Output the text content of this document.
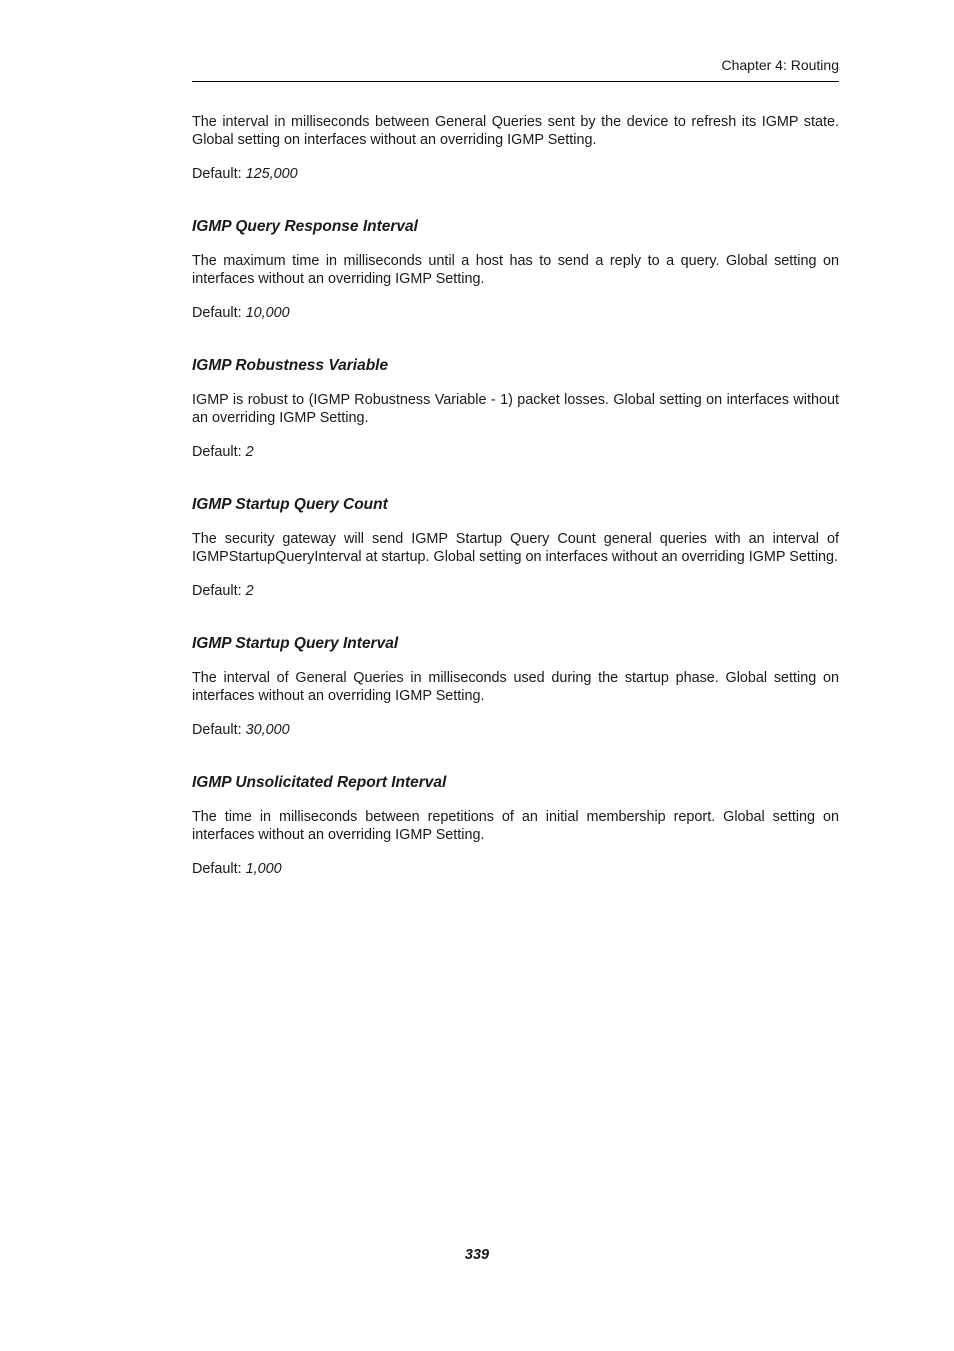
Chapter 4: Routing

The interval in milliseconds between General Queries sent by the device to refresh its IGMP state. Global setting on interfaces without an overriding IGMP Setting.

Default: 125,000

IGMP Query Response Interval

The maximum time in milliseconds until a host has to send a reply to a query. Global setting on interfaces without an overriding IGMP Setting.

Default: 10,000

IGMP Robustness Variable

IGMP is robust to (IGMP Robustness Variable - 1) packet losses. Global setting on interfaces without an overriding IGMP Setting.

Default: 2

IGMP Startup Query Count

The security gateway will send IGMP Startup Query Count general queries with an interval of IGMPStartupQueryInterval at startup. Global setting on interfaces without an overriding IGMP Setting.

Default: 2

IGMP Startup Query Interval

The interval of General Queries in milliseconds used during the startup phase. Global setting on interfaces without an overriding IGMP Setting.

Default: 30,000

IGMP Unsolicitated Report Interval

The time in milliseconds between repetitions of an initial membership report. Global setting on interfaces without an overriding IGMP Setting.

Default: 1,000

339
